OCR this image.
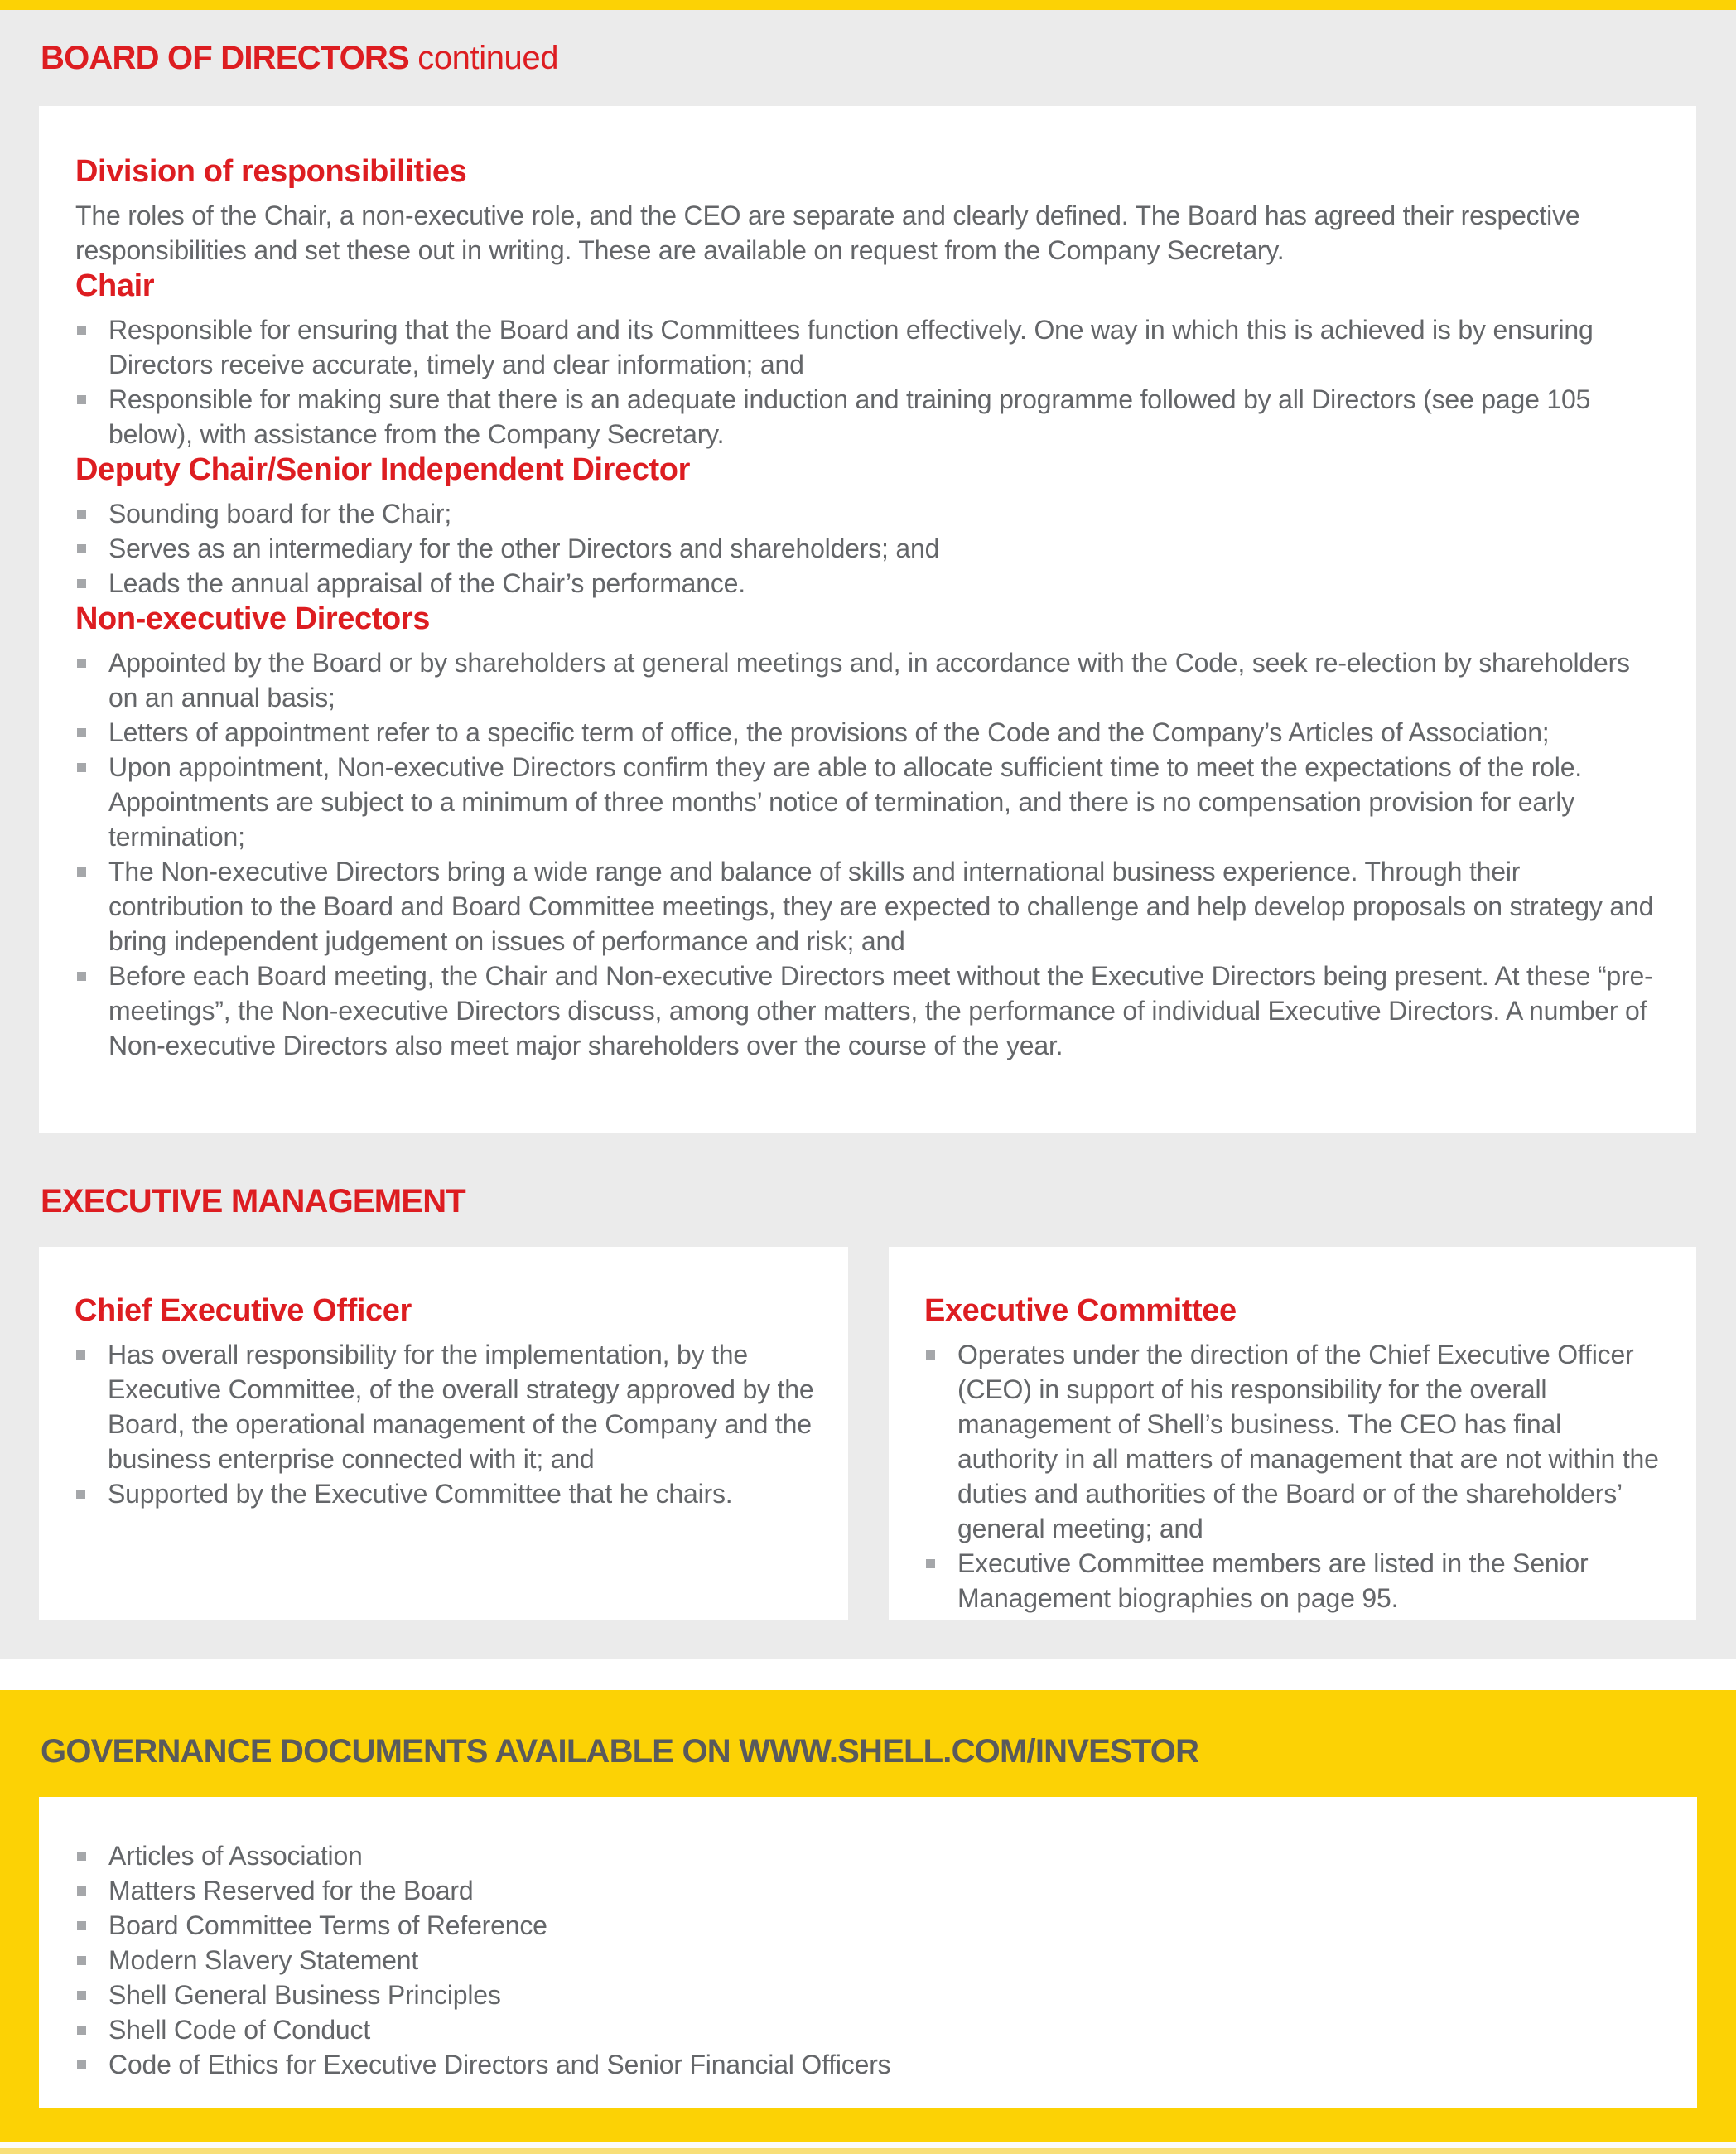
BOARD OF DIRECTORS continued
Division of responsibilities

The roles of the Chair, a non-executive role, and the CEO are separate and clearly defined. The Board has agreed their respective responsibilities and set these out in writing. These are available on request from the Company Secretary.

Chair
Responsible for ensuring that the Board and its Committees function effectively. One way in which this is achieved is by ensuring Directors receive accurate, timely and clear information; and
Responsible for making sure that there is an adequate induction and training programme followed by all Directors (see page 105 below), with assistance from the Company Secretary.
Deputy Chair/Senior Independent Director
Sounding board for the Chair;
Serves as an intermediary for the other Directors and shareholders; and
Leads the annual appraisal of the Chair’s performance.
Non-executive Directors
Appointed by the Board or by shareholders at general meetings and, in accordance with the Code, seek re-election by shareholders on an annual basis;
Letters of appointment refer to a specific term of office, the provisions of the Code and the Company’s Articles of Association;
Upon appointment, Non-executive Directors confirm they are able to allocate sufficient time to meet the expectations of the role. Appointments are subject to a minimum of three months’ notice of termination, and there is no compensation provision for early termination;
The Non-executive Directors bring a wide range and balance of skills and international business experience. Through their contribution to the Board and Board Committee meetings, they are expected to challenge and help develop proposals on strategy and bring independent judgement on issues of performance and risk; and
Before each Board meeting, the Chair and Non-executive Directors meet without the Executive Directors being present. At these “pre-meetings”, the Non-executive Directors discuss, among other matters, the performance of individual Executive Directors. A number of Non-executive Directors also meet major shareholders over the course of the year.
EXECUTIVE MANAGEMENT
Chief Executive Officer
Has overall responsibility for the implementation, by the Executive Committee, of the overall strategy approved by the Board, the operational management of the Company and the business enterprise connected with it; and
Supported by the Executive Committee that he chairs.
Executive Committee
Operates under the direction of the Chief Executive Officer (CEO) in support of his responsibility for the overall management of Shell’s business. The CEO has final authority in all matters of management that are not within the duties and authorities of the Board or of the shareholders’ general meeting; and
Executive Committee members are listed in the Senior Management biographies on page 95.
GOVERNANCE DOCUMENTS AVAILABLE ON WWW.SHELL.COM/INVESTOR
Articles of Association
Matters Reserved for the Board
Board Committee Terms of Reference
Modern Slavery Statement
Shell General Business Principles
Shell Code of Conduct
Code of Ethics for Executive Directors and Senior Financial Officers
